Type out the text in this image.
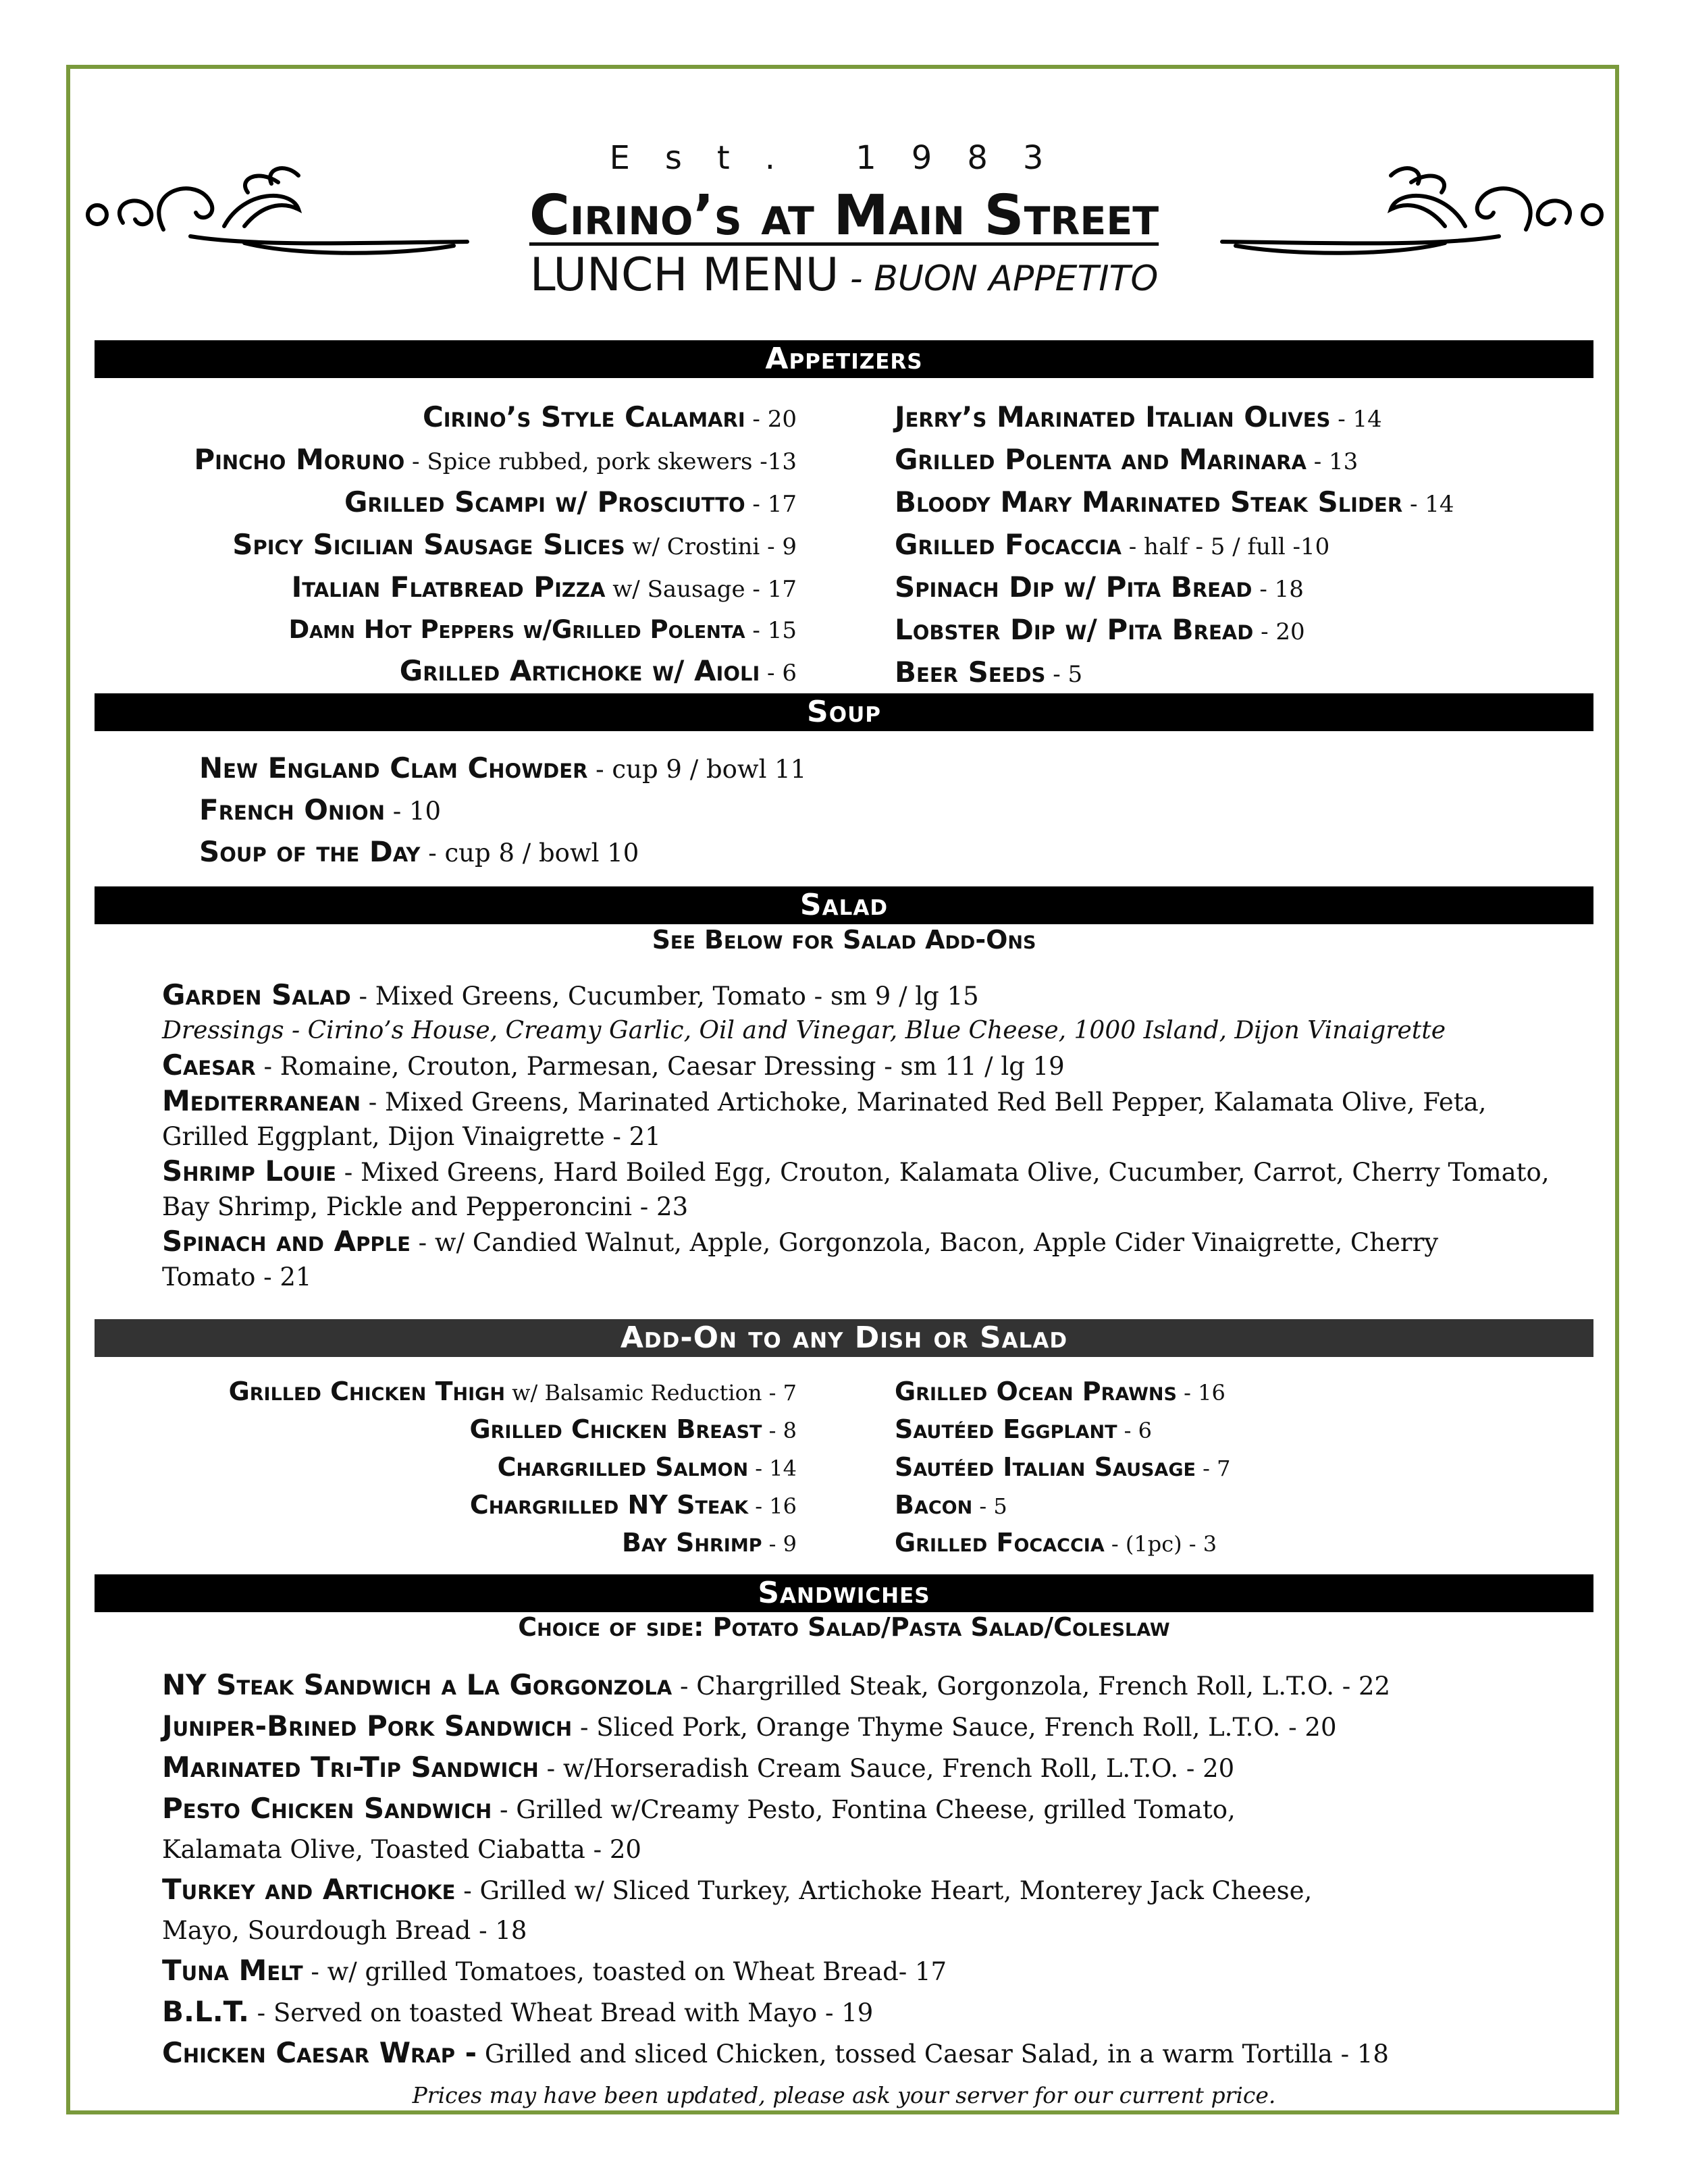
Est. 1983
Cirino’s at Main Street
LUNCH MENU - BUON APPETITO
Appetizers
Cirino’s Style Calamari - 20
Pincho Moruno - Spice rubbed, pork skewers -13
Grilled Scampi w/ Prosciutto - 17
Spicy Sicilian Sausage Slices w/ Crostini - 9
Italian Flatbread Pizza w/ Sausage - 17
Damn Hot Peppers w/Grilled Polenta - 15
Grilled Artichoke w/ Aioli - 6
Jerry’s Marinated Italian Olives - 14
Grilled Polenta and Marinara - 13
Bloody Mary Marinated Steak Slider - 14
Grilled Focaccia - half - 5 / full -10
Spinach Dip w/ Pita Bread - 18
Lobster Dip w/ Pita Bread - 20
Beer Seeds - 5
Soup
New England Clam Chowder - cup 9 / bowl 11
French Onion - 10
Soup of the Day - cup 8 / bowl 10
Salad
See Below for Salad Add-Ons
Garden Salad - Mixed Greens, Cucumber, Tomato - sm 9 / lg 15
Dressings - Cirino’s House, Creamy Garlic, Oil and Vinegar, Blue Cheese, 1000 Island, Dijon Vinaigrette
Caesar - Romaine, Crouton, Parmesan, Caesar Dressing - sm 11 / lg 19
Mediterranean - Mixed Greens, Marinated Artichoke, Marinated Red Bell Pepper, Kalamata Olive, Feta,
Grilled Eggplant, Dijon Vinaigrette - 21
Shrimp Louie - Mixed Greens, Hard Boiled Egg, Crouton, Kalamata Olive, Cucumber, Carrot, Cherry Tomato,
Bay Shrimp, Pickle and Pepperoncini - 23
Spinach and Apple - w/ Candied Walnut, Apple, Gorgonzola, Bacon, Apple Cider Vinaigrette, Cherry
Tomato - 21
Add-On to any Dish or Salad
Grilled Chicken Thigh w/ Balsamic Reduction - 7
Grilled Chicken Breast - 8
Chargrilled Salmon - 14
Chargrilled NY Steak - 16
Bay Shrimp - 9
Grilled Ocean Prawns - 16
Sautéed Eggplant - 6
Sautéed Italian Sausage - 7
Bacon - 5
Grilled Focaccia - (1pc) - 3
Sandwiches
Choice of side: Potato Salad/Pasta Salad/Coleslaw
NY Steak Sandwich a La Gorgonzola - Chargrilled Steak, Gorgonzola, French Roll, L.T.O. - 22
Juniper-Brined Pork Sandwich - Sliced Pork, Orange Thyme Sauce, French Roll, L.T.O. - 20
Marinated Tri-Tip Sandwich - w/Horseradish Cream Sauce, French Roll, L.T.O. - 20
Pesto Chicken Sandwich - Grilled w/Creamy Pesto, Fontina Cheese, grilled Tomato,
Kalamata Olive, Toasted Ciabatta - 20
Turkey and Artichoke - Grilled w/ Sliced Turkey, Artichoke Heart, Monterey Jack Cheese,
Mayo, Sourdough Bread - 18
Tuna Melt - w/ grilled Tomatoes, toasted on Wheat Bread- 17
B.L.T. - Served on toasted Wheat Bread with Mayo - 19
Chicken Caesar Wrap - Grilled and sliced Chicken, tossed Caesar Salad, in a warm Tortilla - 18
Prices may have been updated, please ask your server for our current price.
